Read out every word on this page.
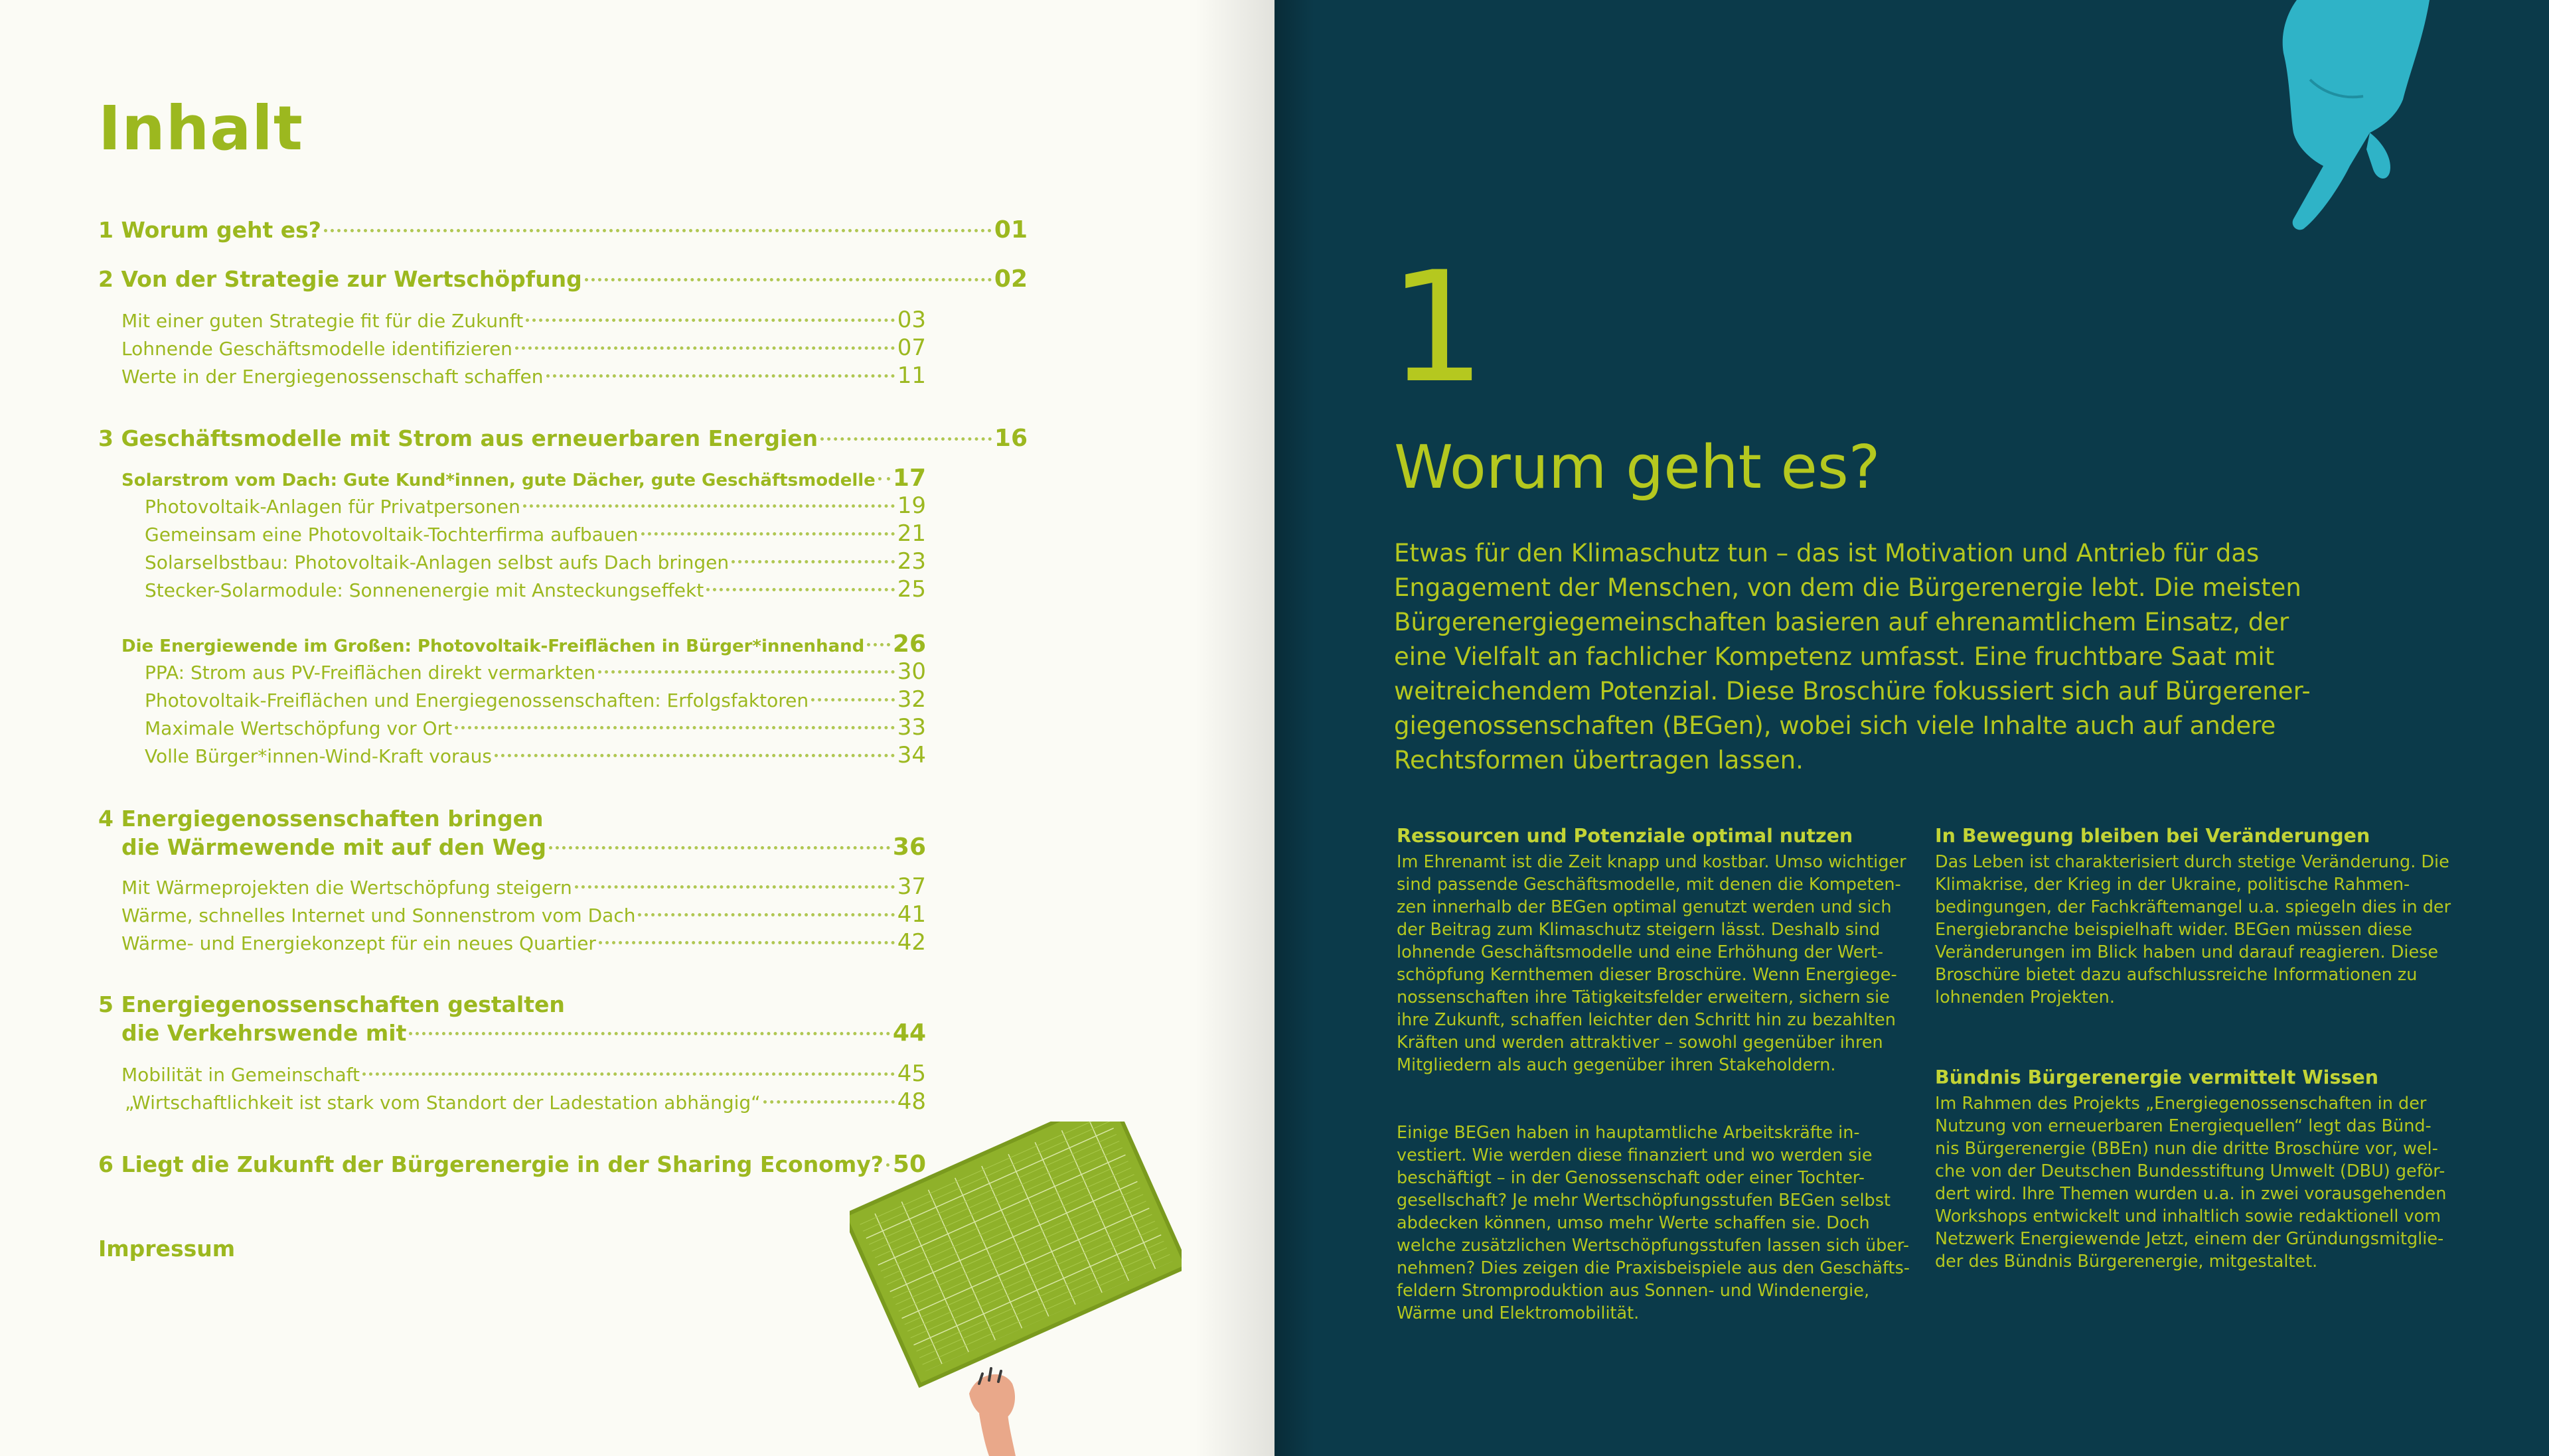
Inhalt
1 Worum geht es?	01
2 Von der Strategie zur Wertschöpfung	02
Mit einer guten Strategie fit für die Zukunft	03
Lohnende Geschäftsmodelle identifizieren	07
Werte in der Energiegenossenschaft schaffen	11
3 Geschäftsmodelle mit Strom aus erneuerbaren Energien	16
Solarstrom vom Dach: Gute Kund*innen, gute Dächer, gute Geschäftsmodelle 17
Photovoltaik-Anlagen für Privatpersonen	19
Gemeinsam eine Photovoltaik-Tochterfirma aufbauen	21
Solarselbstbau: Photovoltaik-Anlagen selbst aufs Dach bringen	23
Stecker-Solarmodule: Sonnenenergie mit Ansteckungseffekt	25
Die Energiewende im Großen: Photovoltaik-Freiflächen in Bürger*innenhand 26
PPA: Strom aus PV-Freiflächen direkt vermarkten	30
Photovoltaik-Freiflächen und Energiegenossenschaften: Erfolgsfaktoren	32
Maximale Wertschöpfung vor Ort	33
Volle Bürger*innen-Wind-Kraft voraus	34
4 Energiegenossenschaften bringen
die Wärmewende mit auf den Weg	36
Mit Wärmeprojekten die Wertschöpfung steigern	37
Wärme, schnelles Internet und Sonnenstrom vom Dach	41
Wärme- und Energiekonzept für ein neues Quartier	42
5 Energiegenossenschaften gestalten
die Verkehrswende mit	44
Mobilität in Gemeinschaft	45
„Wirtschaftlichkeit ist stark vom Standort der Ladestation abhängig“	48
6 Liegt die Zukunft der Bürgerenergie in der Sharing Economy? 50
Impressum
1
Worum geht es?

Etwas für den Klimaschutz tun – das ist Motivation und Antrieb für das Engagement der Menschen, von dem die Bürgerenergie lebt. Die meisten Bürgerenergiegemeinschaften basieren auf ehrenamtlichem Einsatz, der eine Vielfalt an fachlicher Kompetenz umfasst. Eine fruchtbare Saat mit weitreichendem Potenzial. Diese Broschüre fokussiert sich auf Bürgerener-giegenossenschaften (BEGen), wobei sich viele Inhalte auch auf andere Rechtsformen übertragen lassen.

Ressourcen und Potenziale optimal nutzen

Im Ehrenamt ist die Zeit knapp und kostbar. Umso wichtiger sind passende Geschäftsmodelle, mit denen die Kompeten-zen innerhalb der BEGen optimal genutzt werden und sich der Beitrag zum Klimaschutz steigern lässt. Deshalb sind lohnende Geschäftsmodelle und eine Erhöhung der Wert-schöpfung Kernthemen dieser Broschüre. Wenn Energiege-nossenschaften ihre Tätigkeitsfelder erweitern, sichern sie ihre Zukunft, schaffen leichter den Schritt hin zu bezahlten Kräften und werden attraktiver – sowohl gegenüber ihren Mitgliedern als auch gegenüber ihren Stakeholdern.

Einige BEGen haben in hauptamtliche Arbeitskräfte in-vestiert. Wie werden diese finanziert und wo werden sie beschäftigt – in der Genossenschaft oder einer Tochter-gesellschaft? Je mehr Wertschöpfungsstufen BEGen selbst abdecken können, umso mehr Werte schaffen sie. Doch welche zusätzlichen Wertschöpfungsstufen lassen sich über-nehmen? Dies zeigen die Praxisbeispiele aus den Geschäfts-feldern Stromproduktion aus Sonnen- und Windenergie, Wärme und Elektromobilität.

In Bewegung bleiben bei Veränderungen

Das Leben ist charakterisiert durch stetige Veränderung. Die Klimakrise, der Krieg in der Ukraine, politische Rahmen-bedingungen, der Fachkräftemangel u.a. spiegeln dies in der Energiebranche beispielhaft wider. BEGen müssen diese Veränderungen im Blick haben und darauf reagieren. Diese Broschüre bietet dazu aufschlussreiche Informationen zu lohnenden Projekten.

Bündnis Bürgerenergie vermittelt Wissen

Im Rahmen des Projekts „Energiegenossenschaften in der Nutzung von erneuerbaren Energiequellen“ legt das Bünd-nis Bürgerenergie (BBEn) nun die dritte Broschüre vor, wel-che von der Deutschen Bundesstiftung Umwelt (DBU) geför-dert wird. Ihre Themen wurden u.a. in zwei vorausgehenden Workshops entwickelt und inhaltlich sowie redaktionell vom Netzwerk Energiewende Jetzt, einem der Gründungsmitglie-der des Bündnis Bürgerenergie, mitgestaltet.
